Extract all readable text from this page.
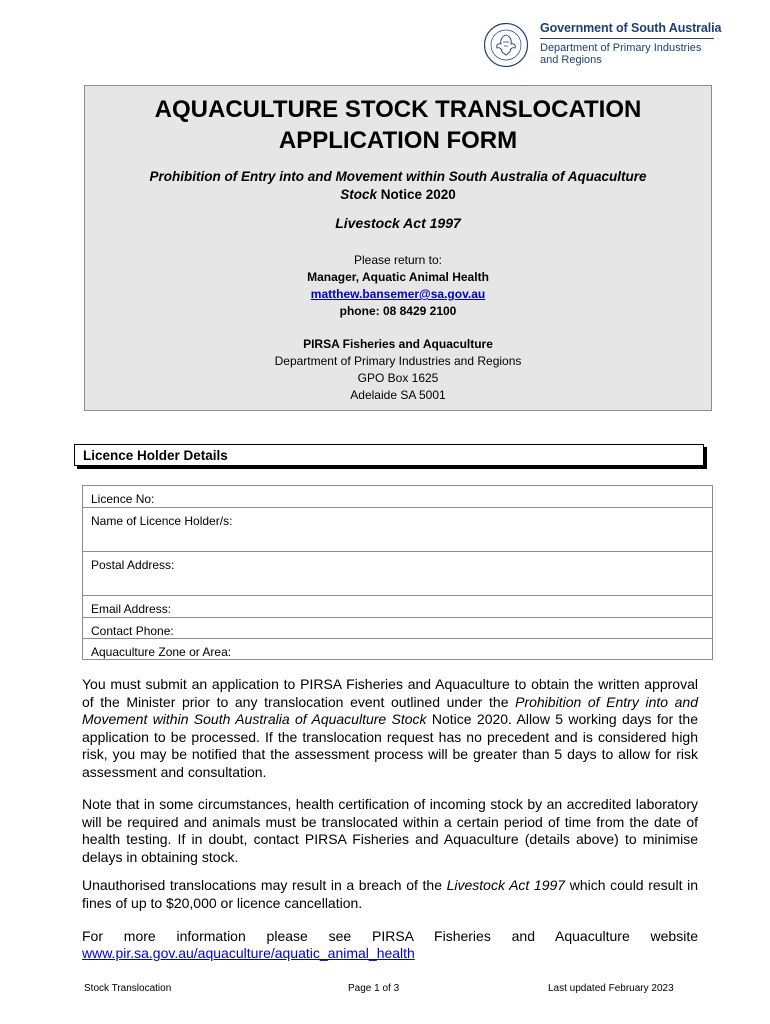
Government of South Australia
Department of Primary Industries
and Regions
AQUACULTURE STOCK TRANSLOCATION
APPLICATION FORM
Prohibition of Entry into and Movement within South Australia of Aquaculture
Stock Notice 2020
Livestock Act 1997
Please return to:
Manager, Aquatic Animal Health
matthew.bansemer@sa.gov.au
phone: 08 8429 2100
PIRSA Fisheries and Aquaculture
Department of Primary Industries and Regions
GPO Box 1625
Adelaide SA 5001
Licence Holder Details
Licence No:
Name of Licence Holder/s:
Postal Address:
Email Address:
Contact Phone:
Aquaculture Zone or Area:
You must submit an application to PIRSA Fisheries and Aquaculture to obtain the written approval of the Minister prior to any translocation event outlined under the Prohibition of Entry into and Movement within South Australia of Aquaculture Stock Notice 2020. Allow 5 working days for the application to be processed. If the translocation request has no precedent and is considered high risk, you may be notified that the assessment process will be greater than 5 days to allow for risk assessment and consultation.
Note that in some circumstances, health certification of incoming stock by an accredited laboratory will be required and animals must be translocated within a certain period of time from the date of health testing. If in doubt, contact PIRSA Fisheries and Aquaculture (details above) to minimise delays in obtaining stock.
Unauthorised translocations may result in a breach of the Livestock Act 1997 which could result in fines of up to $20,000 or licence cancellation.
For more information please see PIRSA Fisheries and Aquaculture website
www.pir.sa.gov.au/aquaculture/aquatic_animal_health
Stock Translocation	Page 1 of 3	Last updated February 2023
